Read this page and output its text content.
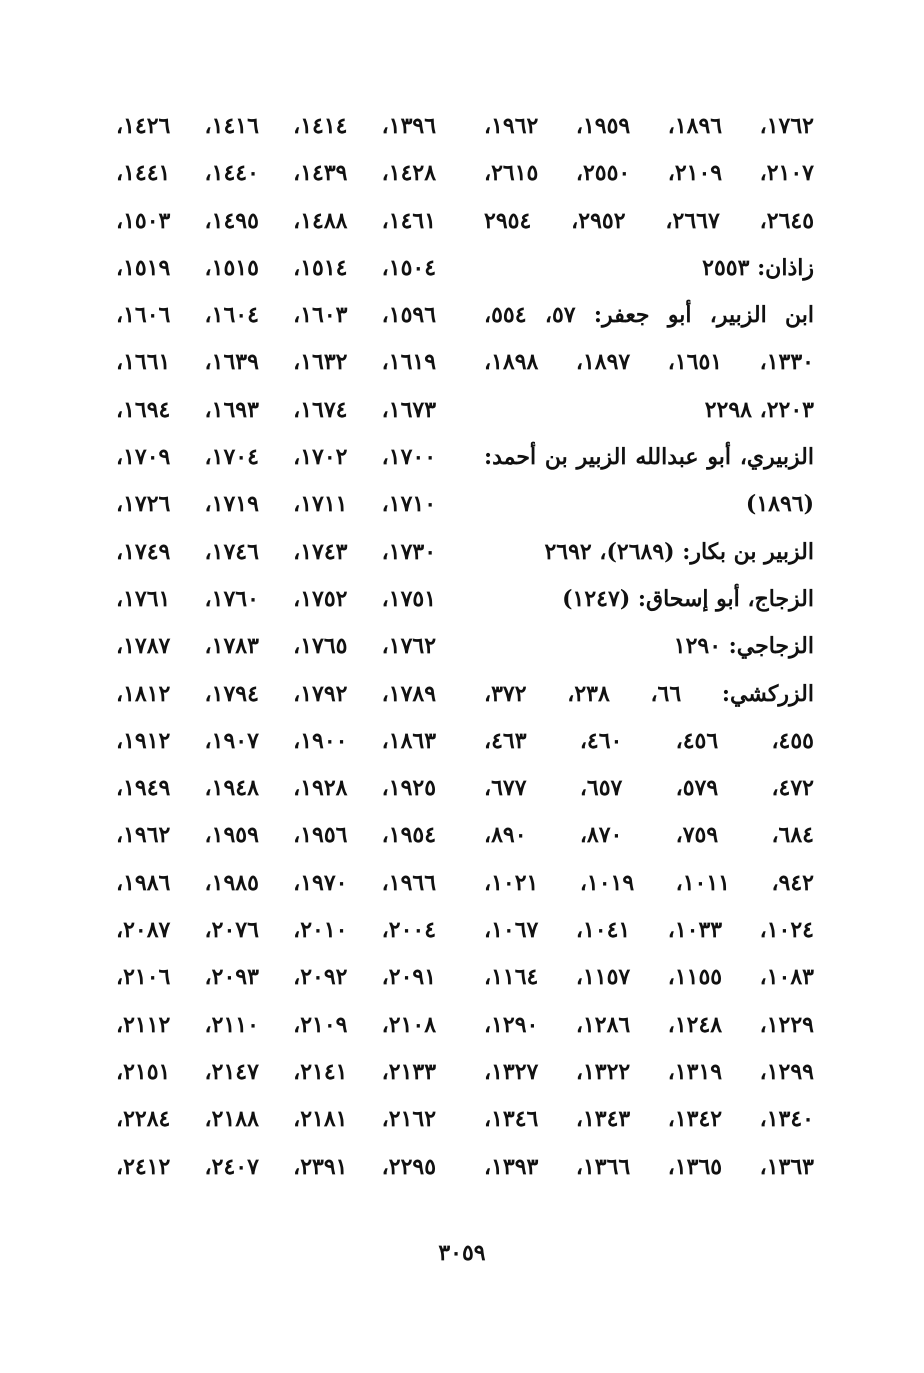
١٧٦٢، ١٨٩٦، ١٩٥٩، ١٩٦٢،
٢١٠٧، ٢١٠٩، ٢٥٥٠، ٢٦١٥،
٢٦٤٥، ٢٦٦٧، ٢٩٥٢، ٢٩٥٤
زاذان: ٢٥٥٣
ابن الزبير، أبو جعفر: ٥٧، ٥٥٤،
١٣٣٠، ١٦٥١، ١٨٩٧، ١٨٩٨،
٢٢٠٣، ٢٢٩٨
الزبيري، أبو عبدالله الزبير بن أحمد:
(١٨٩٦)
الزبير بن بكار: (٢٦٨٩)، ٢٦٩٢
الزجاج، أبو إسحاق: (١٢٤٧)
الزجاجي: ١٢٩٠
الزركشي: ٦٦، ٢٣٨، ٣٧٢،
٤٥٥، ٤٥٦، ٤٦٠، ٤٦٣،
٤٧٢، ٥٧٩، ٦٥٧، ٦٧٧،
٦٨٤، ٧٥٩، ٨٧٠، ٨٩٠،
٩٤٢، ١٠١١، ١٠١٩، ١٠٢١،
١٠٢٤، ١٠٣٣، ١٠٤١، ١٠٦٧،
١٠٨٣، ١١٥٥، ١١٥٧، ١١٦٤،
١٢٢٩، ١٢٤٨، ١٢٨٦، ١٢٩٠،
١٢٩٩، ١٣١٩، ١٣٢٢، ١٣٢٧،
١٣٤٠، ١٣٤٢، ١٣٤٣، ١٣٤٦،
١٣٦٣، ١٣٦٥، ١٣٦٦، ١٣٩٣،
١٣٩٦، ١٤١٤، ١٤١٦، ١٤٢٦،
١٤٢٨، ١٤٣٩، ١٤٤٠، ١٤٤١،
١٤٦١، ١٤٨٨، ١٤٩٥، ١٥٠٣،
١٥٠٤، ١٥١٤، ١٥١٥، ١٥١٩،
١٥٩٦، ١٦٠٣، ١٦٠٤، ١٦٠٦،
١٦١٩، ١٦٣٢، ١٦٣٩، ١٦٦١،
١٦٧٣، ١٦٧٤، ١٦٩٣، ١٦٩٤،
١٧٠٠، ١٧٠٢، ١٧٠٤، ١٧٠٩،
١٧١٠، ١٧١١، ١٧١٩، ١٧٢٦،
١٧٣٠، ١٧٤٣، ١٧٤٦، ١٧٤٩،
١٧٥١، ١٧٥٢، ١٧٦٠، ١٧٦١،
١٧٦٢، ١٧٦٥، ١٧٨٣، ١٧٨٧،
١٧٨٩، ١٧٩٢، ١٧٩٤، ١٨١٢،
١٨٦٣، ١٩٠٠، ١٩٠٧، ١٩١٢،
١٩٢٥، ١٩٢٨، ١٩٤٨، ١٩٤٩،
١٩٥٤، ١٩٥٦، ١٩٥٩، ١٩٦٢،
١٩٦٦، ١٩٧٠، ١٩٨٥، ١٩٨٦،
٢٠٠٤، ٢٠١٠، ٢٠٧٦، ٢٠٨٧،
٢٠٩١، ٢٠٩٢، ٢٠٩٣، ٢١٠٦،
٢١٠٨، ٢١٠٩، ٢١١٠، ٢١١٢،
٢١٣٣، ٢١٤١، ٢١٤٧، ٢١٥١،
٢١٦٢، ٢١٨١، ٢١٨٨، ٢٢٨٤،
٢٢٩٥، ٢٣٩١، ٢٤٠٧، ٢٤١٢،
٣٠٥٩
